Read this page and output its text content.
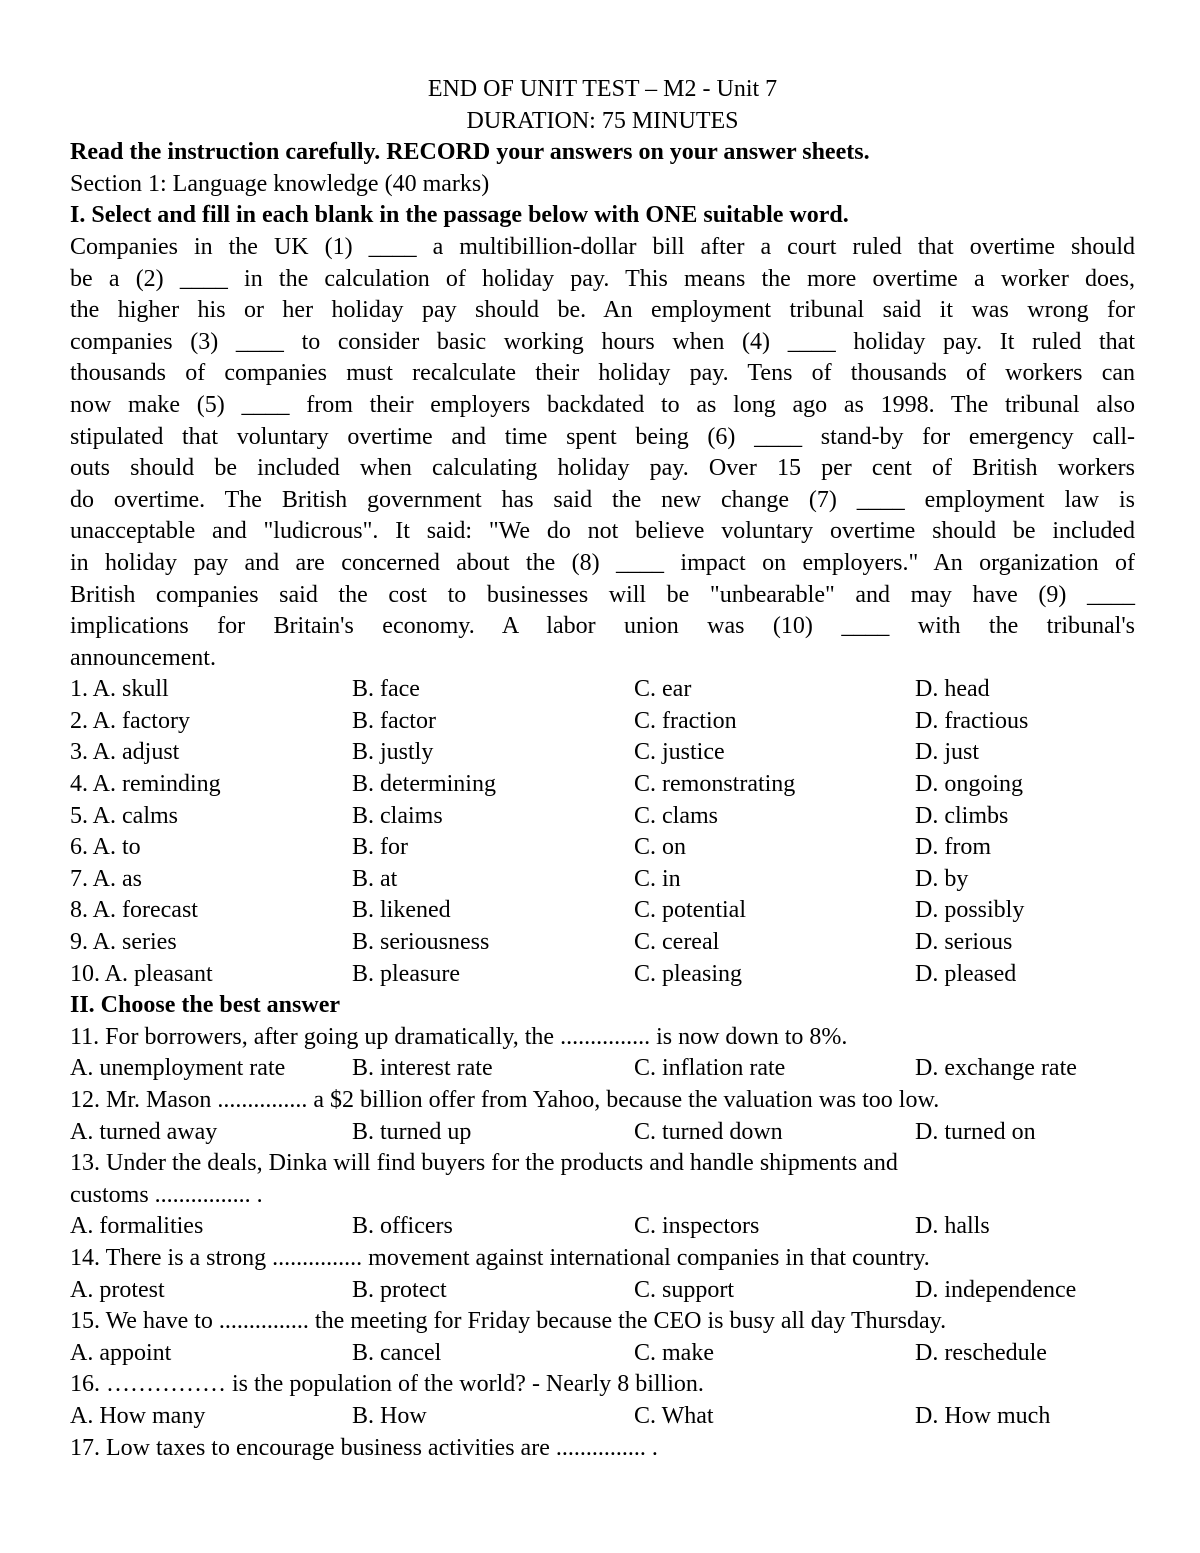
END OF UNIT TEST – M2 - Unit 7
DURATION: 75 MINUTES
Read the instruction carefully. RECORD your answers on your answer sheets.
Section 1: Language knowledge (40 marks)
I. Select and fill in each blank in the passage below with ONE suitable word.
Companies in the UK (1) ____ a multibillion-dollar bill after a court ruled that overtime should
be a (2) ____ in the calculation of holiday pay. This means the more overtime a worker does,
the higher his or her holiday pay should be. An employment tribunal said it was wrong for
companies (3) ____ to consider basic working hours when (4) ____ holiday pay. It ruled that
thousands of companies must recalculate their holiday pay. Tens of thousands of workers can
now make (5) ____ from their employers backdated to as long ago as 1998. The tribunal also
stipulated that voluntary overtime and time spent being (6) ____ stand-by for emergency call-
outs should be included when calculating holiday pay. Over 15 per cent of British workers
do overtime. The British government has said the new change (7) ____ employment law is
unacceptable and "ludicrous". It said: "We do not believe voluntary overtime should be included
in holiday pay and are concerned about the (8) ____ impact on employers." An organization of
British companies said the cost to businesses will be "unbearable" and may have (9) ____
implications for Britain's economy. A labor union was (10) ____ with the tribunal's
announcement.
1. A. skull	B. face	C. ear	D. head
2. A. factory	B. factor	C. fraction	D. fractious
3. A. adjust	B. justly	C. justice	D. just
4. A. reminding	B. determining	C. remonstrating	D. ongoing
5. A. calms	B. claims	C. clams	D. climbs
6. A. to	B. for	C. on	D. from
7. A. as	B. at	C. in	D. by
8. A. forecast	B. likened	C. potential	D. possibly
9. A. series	B. seriousness	C. cereal	D. serious
10. A. pleasant	B. pleasure	C. pleasing	D. pleased
II. Choose the best answer
11. For borrowers, after going up dramatically, the ............... is now down to 8%.
A. unemployment rate	B. interest rate	C. inflation rate	D. exchange rate
12. Mr. Mason ............... a $2 billion offer from Yahoo, because the valuation was too low.
A. turned away	B. turned up	C. turned down	D. turned on
13. Under the deals, Dinka will find buyers for the products and handle shipments and
customs ................ .
A. formalities	B. officers	C. inspectors	D. halls
14. There is a strong ............... movement against international companies in that country.
A. protest	B. protect	C. support	D. independence
15. We have to ............... the meeting for Friday because the CEO is busy all day Thursday.
A. appoint	B. cancel	C. make	D. reschedule
16. …………… is the population of the world? - Nearly 8 billion.
A. How many	B. How	C. What	D. How much
17. Low taxes to encourage business activities are ............... .
